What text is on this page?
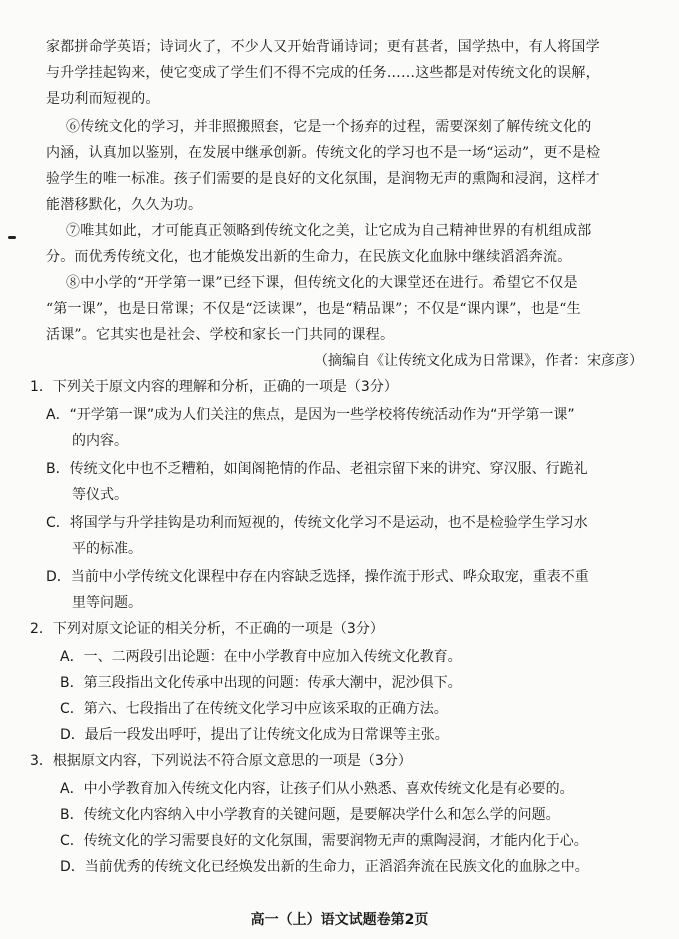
家都拼命学英语；诗词火了，不少人又开始背诵诗词；更有甚者，国学热中，有人将国学
与升学挂起钩来，使它变成了学生们不得不完成的任务……这些都是对传统文化的误解，
是功利而短视的。
⑥传统文化的学习，并非照搬照套，它是一个扬弃的过程，需要深刻了解传统文化的
内涵，认真加以鉴别，在发展中继承创新。传统文化的学习也不是一场“运动”，更不是检
验学生的唯一标准。孩子们需要的是良好的文化氛围，是润物无声的熏陶和浸润，这样才
能潜移默化，久久为功。
⑦唯其如此，才可能真正领略到传统文化之美，让它成为自己精神世界的有机组成部
分。而优秀传统文化，也才能焕发出新的生命力，在民族文化血脉中继续滔滔奔流。
⑧中小学的“开学第一课”已经下课，但传统文化的大课堂还在进行。希望它不仅是
“第一课”，也是日常课；不仅是“泛读课”，也是“精品课”；不仅是“课内课”，也是“生
活课”。它其实也是社会、学校和家长一门共同的课程。
（摘编自《让传统文化成为日常课》，作者：宋彦彦）
1．下列关于原文内容的理解和分析，正确的一项是（3分）
A．“开学第一课”成为人们关注的焦点，是因为一些学校将传统活动作为“开学第一课”
的内容。
B．传统文化中也不乏糟粕，如闺阁艳情的作品、老祖宗留下来的讲究、穿汉服、行跪礼
等仪式。
C．将国学与升学挂钩是功利而短视的，传统文化学习不是运动，也不是检验学生学习水
平的标准。
D．当前中小学传统文化课程中存在内容缺乏选择，操作流于形式、哗众取宠，重表不重
里等问题。
2．下列对原文论证的相关分析，不正确的一项是（3分）
A．一、二两段引出论题：在中小学教育中应加入传统文化教育。
B．第三段指出文化传承中出现的问题：传承大潮中，泥沙俱下。
C．第六、七段指出了在传统文化学习中应该采取的正确方法。
D．最后一段发出呼吁，提出了让传统文化成为日常课等主张。
3．根据原文内容，下列说法不符合原文意思的一项是（3分）
A．中小学教育加入传统文化内容，让孩子们从小熟悉、喜欢传统文化是有必要的。
B．传统文化内容纳入中小学教育的关键问题，是要解决学什么和怎么学的问题。
C．传统文化的学习需要良好的文化氛围，需要润物无声的熏陶浸润，才能内化于心。
D．当前优秀的传统文化已经焕发出新的生命力，正滔滔奔流在民族文化的血脉之中。
高一（上）语文试题卷第2页
